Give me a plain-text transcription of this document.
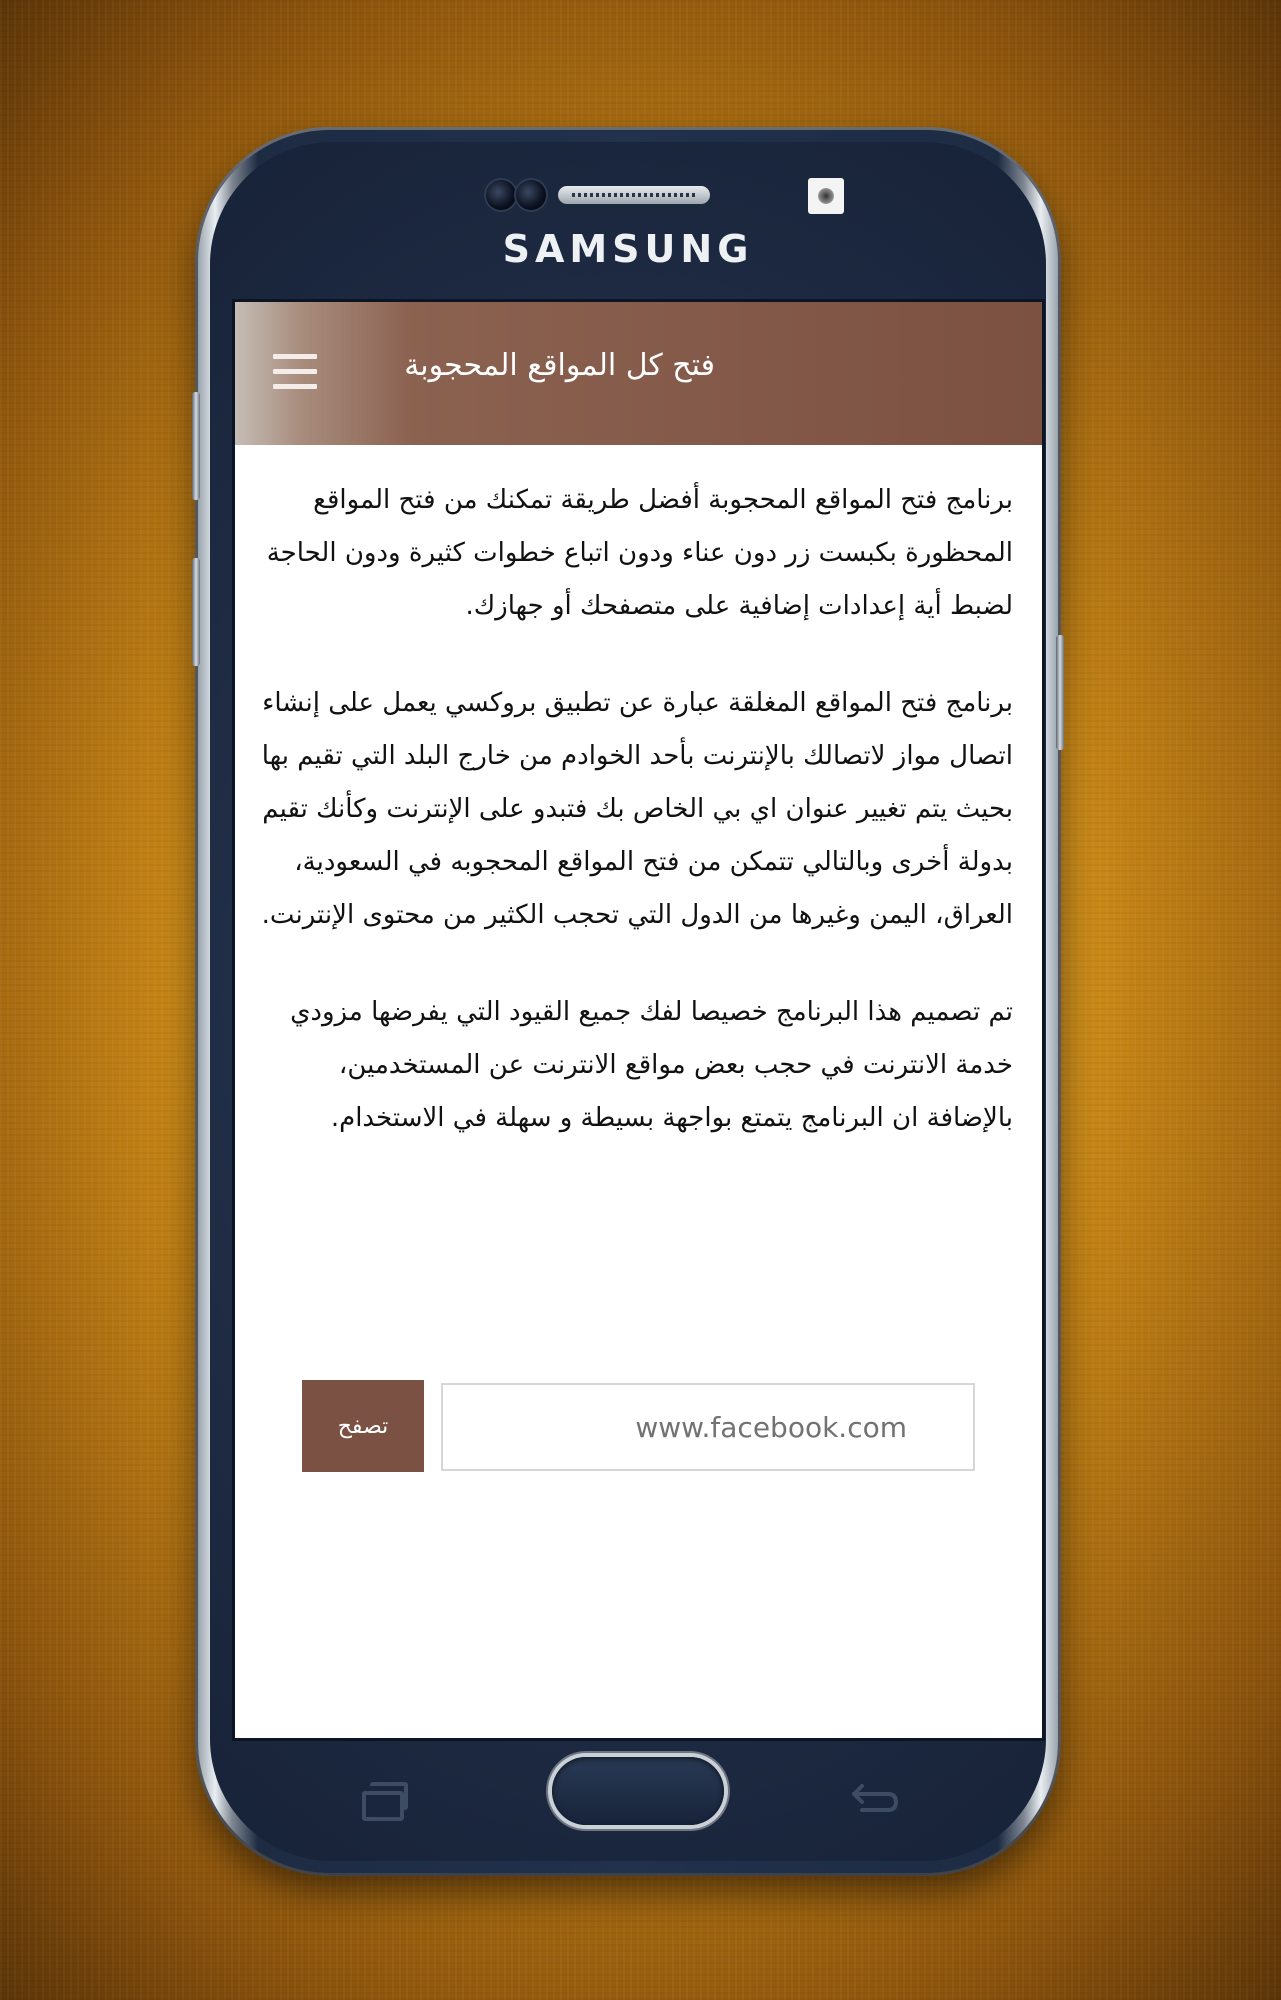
SAMSUNG
فتح كل المواقع المحجوبة

برنامج فتح المواقع المحجوبة أفضل طريقة تمكنك من فتح المواقع المحظورة بكبست زر دون عناء ودون اتباع خطوات كثيرة ودون الحاجة لضبط أية إعدادات إضافية على متصفحك أو جهازك.

برنامج فتح المواقع المغلقة عبارة عن تطبيق بروكسي يعمل على إنشاء اتصال مواز لاتصالك بالإنترنت بأحد الخوادم من خارج البلد التي تقيم بها بحيث يتم تغيير عنوان اي بي الخاص بك فتبدو على الإنترنت وكأنك تقيم بدولة أخرى وبالتالي تتمكن من فتح المواقع المحجوبه في السعودية، العراق، اليمن وغيرها من الدول التي تحجب الكثير من محتوى الإنترنت.

تم تصميم هذا البرنامج خصيصا لفك جميع القيود التي يفرضها مزودي خدمة الانترنت في حجب بعض مواقع الانترنت عن المستخدمين، بالإضافة ان البرنامج يتمتع بواجهة بسيطة و سهلة في الاستخدام.

تصفح
www.facebook.com
